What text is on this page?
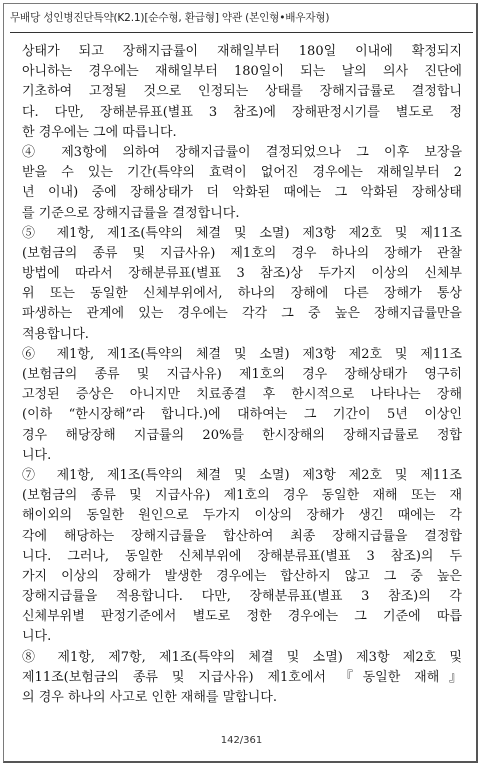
무배당 성인병진단특약(K2.1)[순수형, 환급형] 약관 (본인형•배우자형)
상태가 되고 장해지급률이 재해일부터 180일 이내에 확정되지
아니하는 경우에는 재해일부터 180일이 되는 날의 의사 진단에
기초하여 고정될 것으로 인정되는 상태를 장해지급률로 결정합니
다. 다만, 장해분류표(별표 3 참조)에 장해판정시기를 별도로 정
한 경우에는 그에 따릅니다.
④ 제3항에 의하여 장해지급률이 결정되었으나 그 이후 보장을
받을 수 있는 기간(특약의 효력이 없어진 경우에는 재해일부터 2
년 이내) 중에 장해상태가 더 악화된 때에는 그 악화된 장해상태
를 기준으로 장해지급률을 결정합니다.
⑤ 제1항, 제1조(특약의 체결 및 소멸) 제3항 제2호 및 제11조
(보험금의 종류 및 지급사유) 제1호의 경우 하나의 장해가 관찰
방법에 따라서 장해분류표(별표 3 참조)상 두가지 이상의 신체부
위 또는 동일한 신체부위에서, 하나의 장해에 다른 장해가 통상
파생하는 관계에 있는 경우에는 각각 그 중 높은 장해지급률만을
적용합니다.
⑥ 제1항, 제1조(특약의 체결 및 소멸) 제3항 제2호 및 제11조
(보험금의 종류 및 지급사유) 제1호의 경우 장해상태가 영구히
고정된 증상은 아니지만 치료종결 후 한시적으로 나타나는 장해
(이하 “한시장해”라 합니다.)에 대하여는 그 기간이 5년 이상인
경우 해당장해 지급률의 20%를 한시장해의 장해지급률로 정합
니다.
⑦ 제1항, 제1조(특약의 체결 및 소멸) 제3항 제2호 및 제11조
(보험금의 종류 및 지급사유) 제1호의 경우 동일한 재해 또는 재
해이외의 동일한 원인으로 두가지 이상의 장해가 생긴 때에는 각
각에 해당하는 장해지급률을 합산하여 최종 장해지급률을 결정합
니다. 그러나, 동일한 신체부위에 장해분류표(별표 3 참조)의 두
가지 이상의 장해가 발생한 경우에는 합산하지 않고 그 중 높은
장해지급률을 적용합니다. 다만, 장해분류표(별표 3 참조)의 각
신체부위별 판정기준에서 별도로 정한 경우에는 그 기준에 따릅
니다.
⑧ 제1항, 제7항, 제1조(특약의 체결 및 소멸) 제3항 제2호 및
제11조(보험금의 종류 및 지급사유) 제1호에서 『동일한 재해』
의 경우 하나의 사고로 인한 재해를 말합니다.
142/361
